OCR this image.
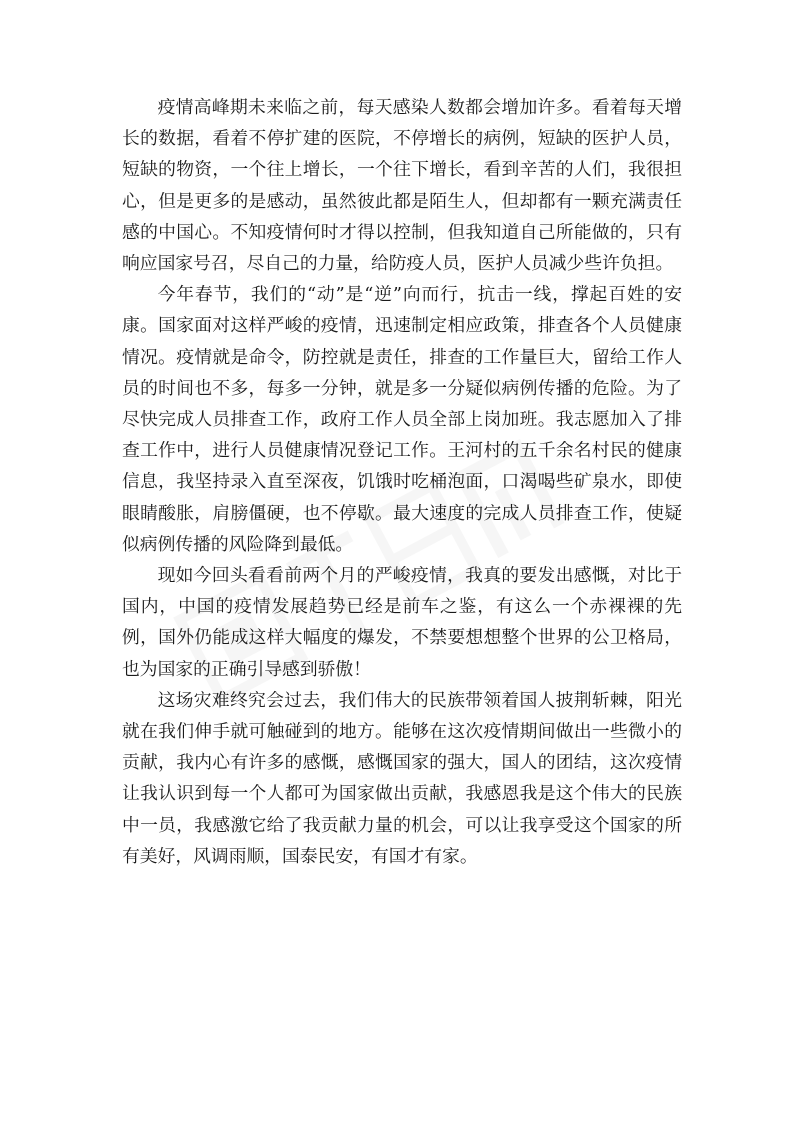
疫情高峰期未来临之前，每天感染人数都会增加许多。看着每天增长的数据，看着不停扩建的医院，不停增长的病例，短缺的医护人员，短缺的物资，一个往上增长，一个往下增长，看到辛苦的人们，我很担心，但是更多的是感动，虽然彼此都是陌生人，但却都有一颗充满责任感的中国心。不知疫情何时才得以控制，但我知道自己所能做的，只有响应国家号召，尽自己的力量，给防疫人员，医护人员减少些许负担。

今年春节，我们的“动”是“逆”向而行，抗击一线，撑起百姓的安康。国家面对这样严峻的疫情，迅速制定相应政策，排查各个人员健康情况。疫情就是命令，防控就是责任，排查的工作量巨大，留给工作人员的时间也不多，每多一分钟，就是多一分疑似病例传播的危险。为了尽快完成人员排查工作，政府工作人员全部上岗加班。我志愿加入了排查工作中，进行人员健康情况登记工作。王河村的五千余名村民的健康信息，我坚持录入直至深夜，饥饿时吃桶泡面，口渴喝些矿泉水，即使眼睛酸胀，肩膀僵硬，也不停歇。最大速度的完成人员排查工作，使疑似病例传播的风险降到最低。

现如今回头看看前两个月的严峻疫情，我真的要发出感慨，对比于国内，中国的疫情发展趋势已经是前车之鉴，有这么一个赤裸裸的先例，国外仍能成这样大幅度的爆发，不禁要想想整个世界的公卫格局，也为国家的正确引导感到骄傲！

这场灾难终究会过去，我们伟大的民族带领着国人披荆斩棘，阳光就在我们伸手就可触碰到的地方。能够在这次疫情期间做出一些微小的贡献，我内心有许多的感慨，感慨国家的强大，国人的团结，这次疫情让我认识到每一个人都可为国家做出贡献，我感恩我是这个伟大的民族中一员，我感激它给了我贡献力量的机会，可以让我享受这个国家的所有美好，风调雨顺，国泰民安，有国才有家。
